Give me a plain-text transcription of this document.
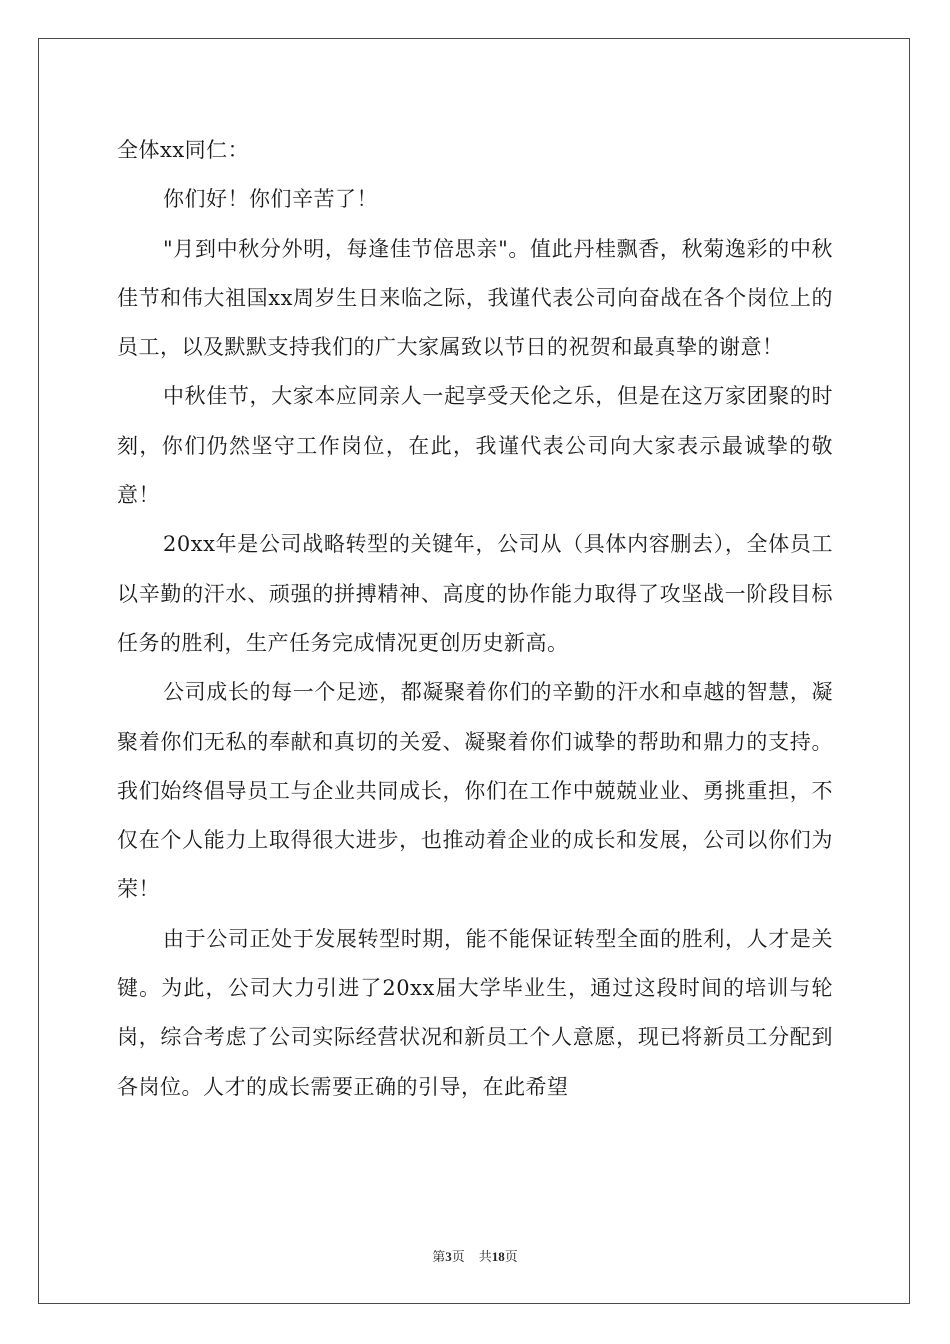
全体xx同仁：

你们好！你们辛苦了！

"月到中秋分外明，每逢佳节倍思亲"。值此丹桂飘香，秋菊逸彩的中秋佳节和伟大祖国xx周岁生日来临之际，我谨代表公司向奋战在各个岗位上的员工，以及默默支持我们的广大家属致以节日的祝贺和最真挚的谢意！

中秋佳节，大家本应同亲人一起享受天伦之乐，但是在这万家团聚的时刻，你们仍然坚守工作岗位，在此，我谨代表公司向大家表示最诚挚的敬意！

20xx年是公司战略转型的关键年，公司从（具体内容删去），全体员工以辛勤的汗水、顽强的拼搏精神、高度的协作能力取得了攻坚战一阶段目标任务的胜利，生产任务完成情况更创历史新高。

公司成长的每一个足迹，都凝聚着你们的辛勤的汗水和卓越的智慧，凝聚着你们无私的奉献和真切的关爱、凝聚着你们诚挚的帮助和鼎力的支持。我们始终倡导员工与企业共同成长，你们在工作中兢兢业业、勇挑重担，不仅在个人能力上取得很大进步，也推动着企业的成长和发展，公司以你们为荣！

由于公司正处于发展转型时期，能不能保证转型全面的胜利，人才是关键。为此，公司大力引进了20xx届大学毕业生，通过这段时间的培训与轮岗，综合考虑了公司实际经营状况和新员工个人意愿，现已将新员工分配到各岗位。人才的成长需要正确的引导，在此希望

第3页 共18页
